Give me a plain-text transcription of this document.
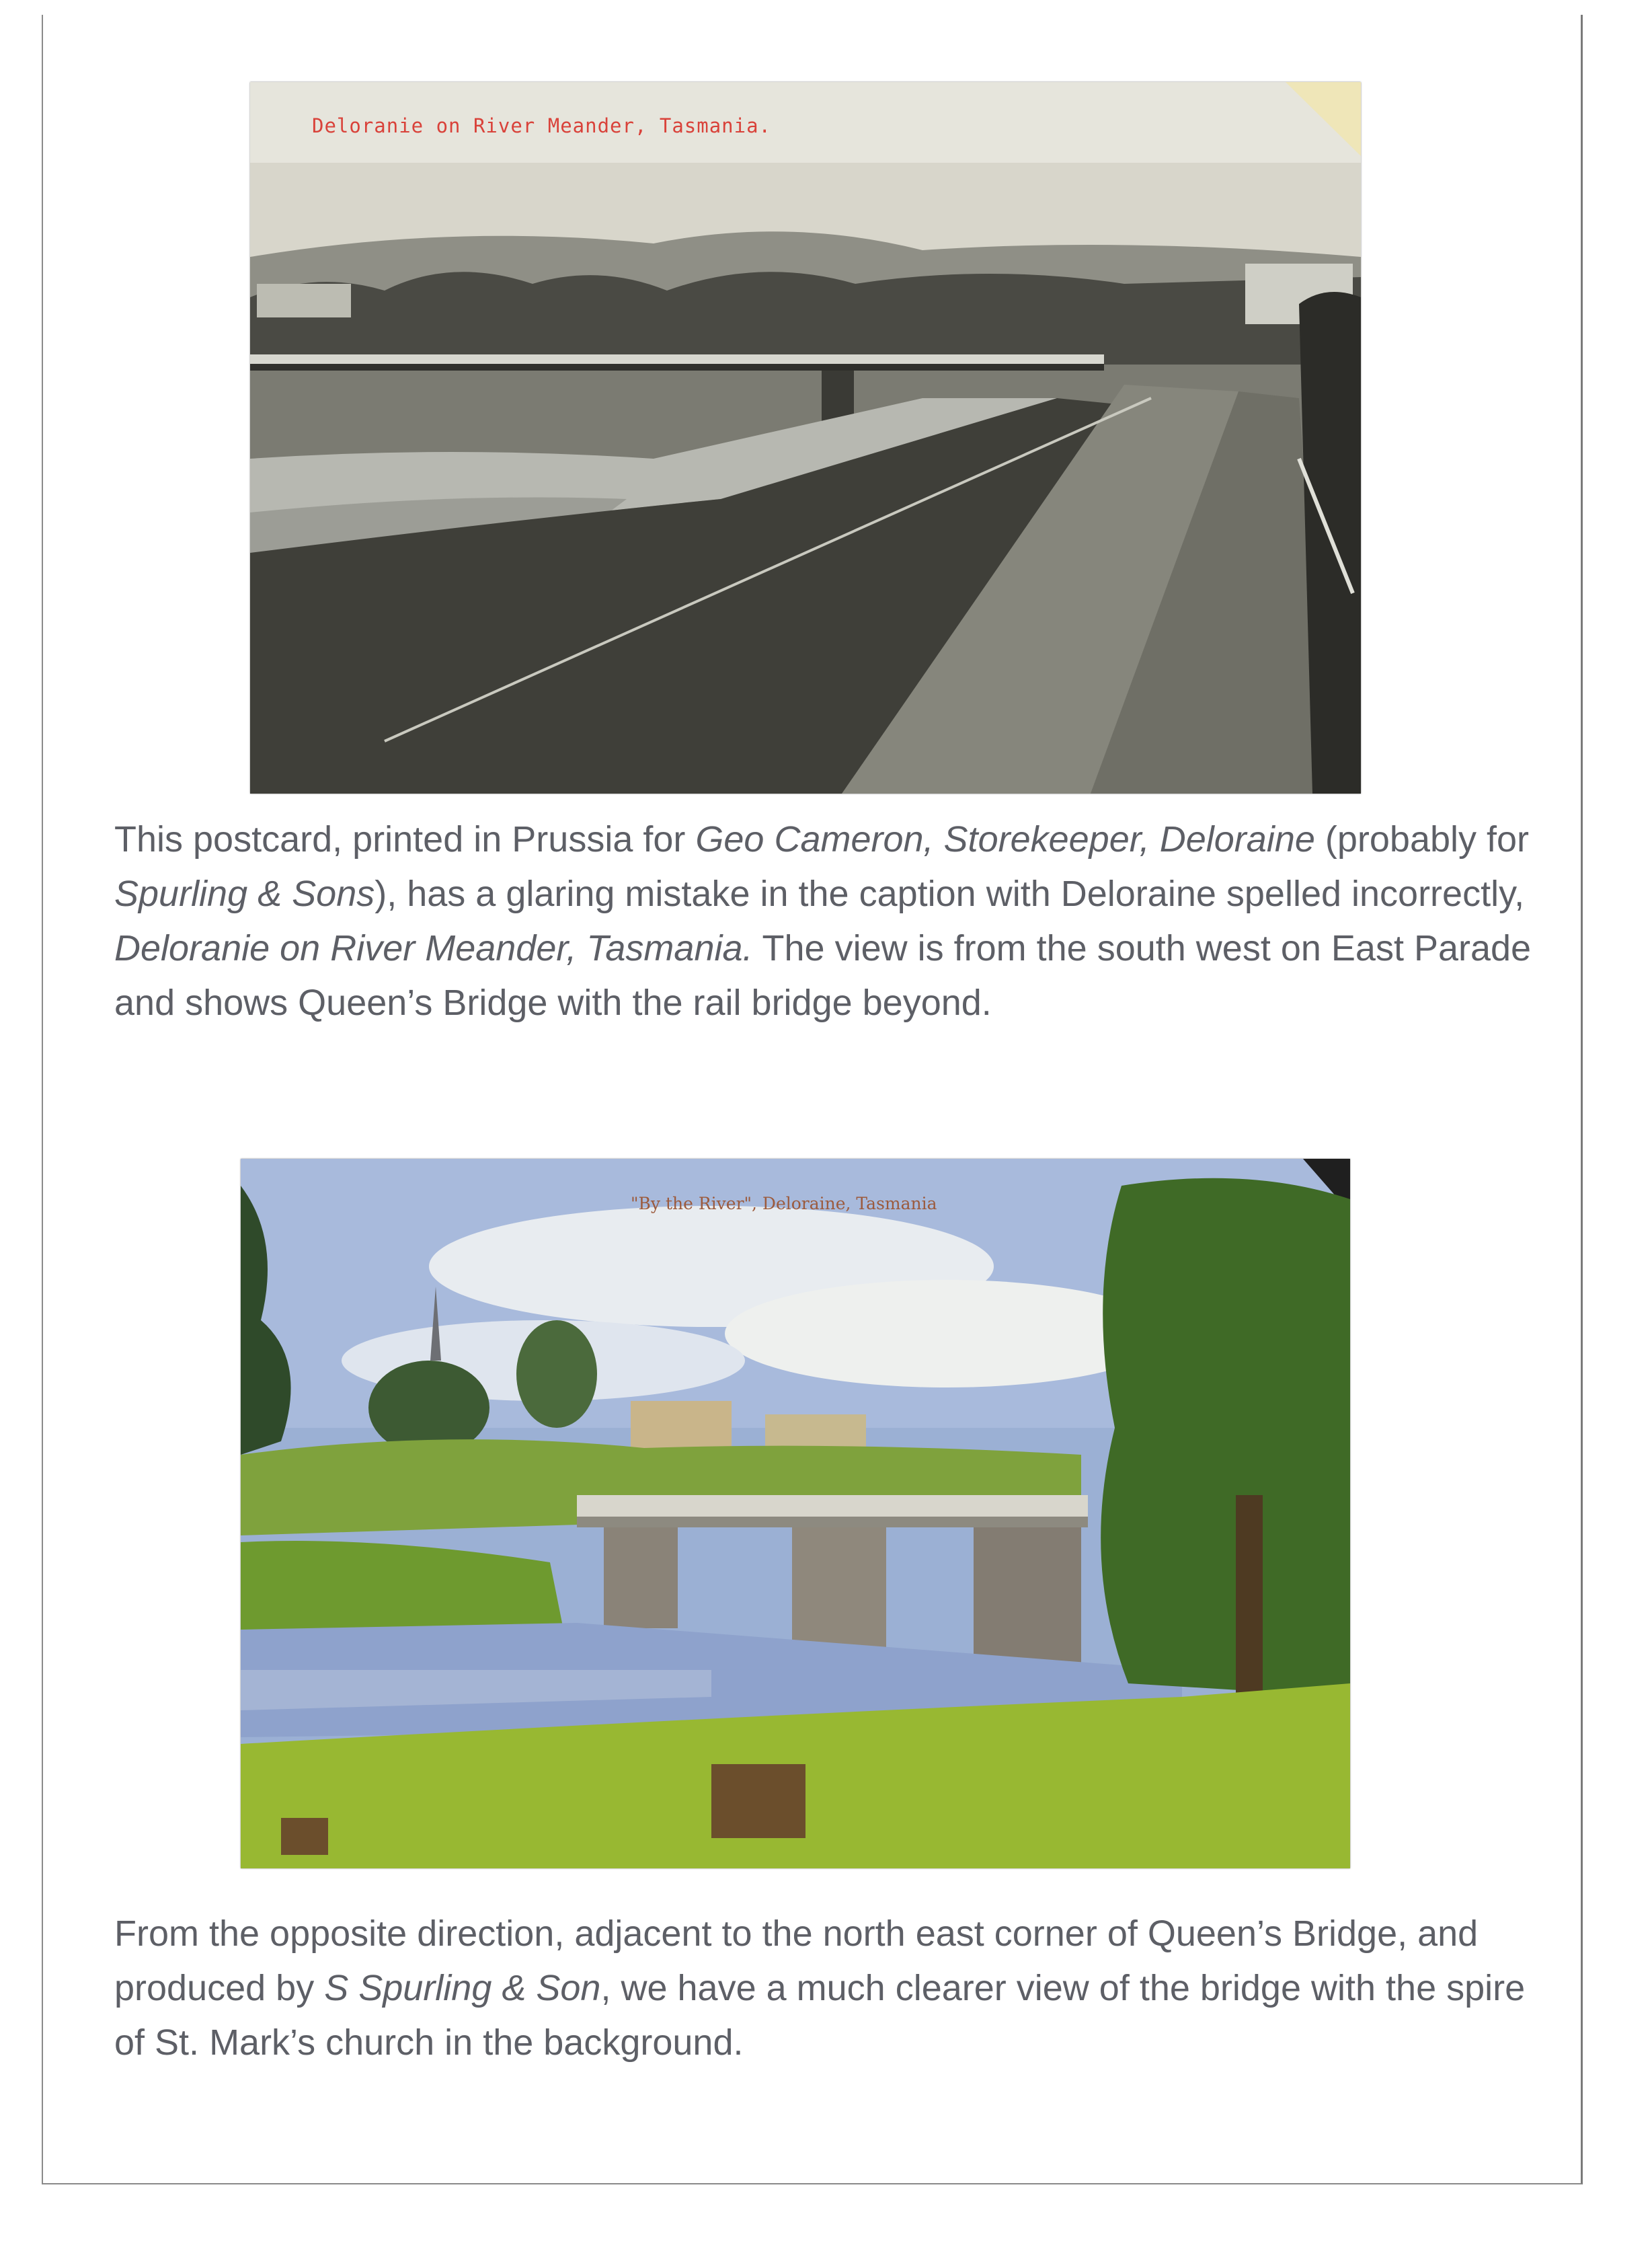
Deloranie on River Meander, Tasmania.
This postcard, printed in Prussia for Geo Cameron, Storekeeper, Deloraine (probably for Spurling & Sons), has a glaring mistake in the caption with Deloraine spelled incorrectly, Deloranie on River Meander, Tasmania. The view is from the south west on East Parade and shows Queen’s Bridge with the rail bridge beyond.
"By the River", Deloraine, Tasmania
From the opposite direction, adjacent to the north east corner of Queen’s Bridge, and produced by S Spurling & Son, we have a much clearer view of the bridge with the spire of St. Mark’s church in the background.
